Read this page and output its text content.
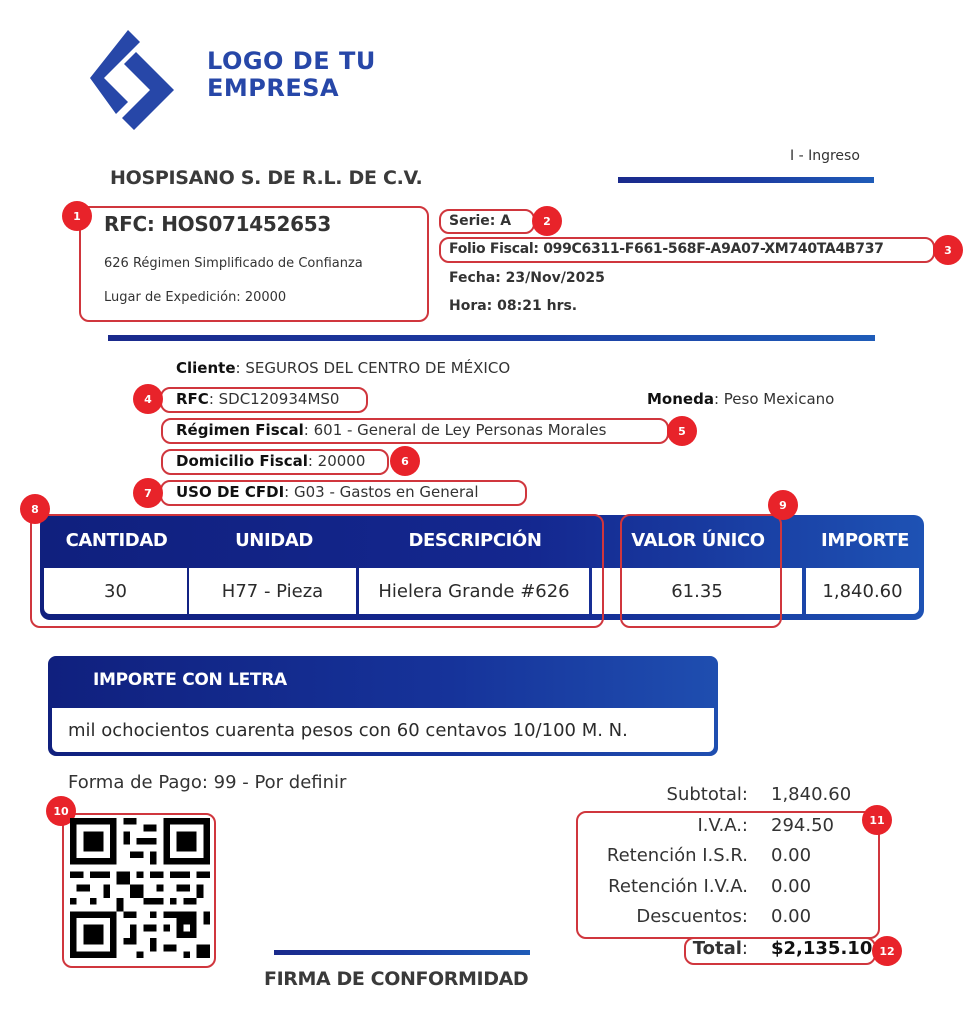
LOGO DE TU
EMPRESA
I - Ingreso
HOSPISANO S. DE R.L. DE C.V.
1	RFC: HOS071452653
626 Régimen Simplificado de Confianza
Lugar de Expedición: 20000
2
Serie: A
3
Folio Fiscal: 099C6311-F661-568F-A9A07-XM740TA4B737
Fecha: 23/Nov/2025
Hora: 08:21 hrs.
Cliente: SEGUROS DEL CENTRO DE MÉXICO
4	RFC: SDC120934MS0	Moneda: Peso Mexicano
5
Régimen Fiscal: 601 - General de Ley Personas Morales
6
Domicilio Fiscal: 20000
7	USO DE CFDI: G03 - Gastos en General
CANTIDAD	UNIDAD	DESCRIPCIÓN	VALOR ÚNICO	IMPORTE
30	H77 - Pieza	Hielera Grande #626	61.35	1,840.60
8	9
IMPORTE CON LETRA
mil ochocientos cuarenta pesos con 60 centavos 10/100 M. N.
Forma de Pago: 99 - Por definir
10
Subtotal: 1,840.60
11
I.V.A.: 294.50
Retención I.S.R. 0.00
Retención I.V.A. 0.00
Descuentos: 0.00
12
Total: $2,135.10
FIRMA DE CONFORMIDAD
